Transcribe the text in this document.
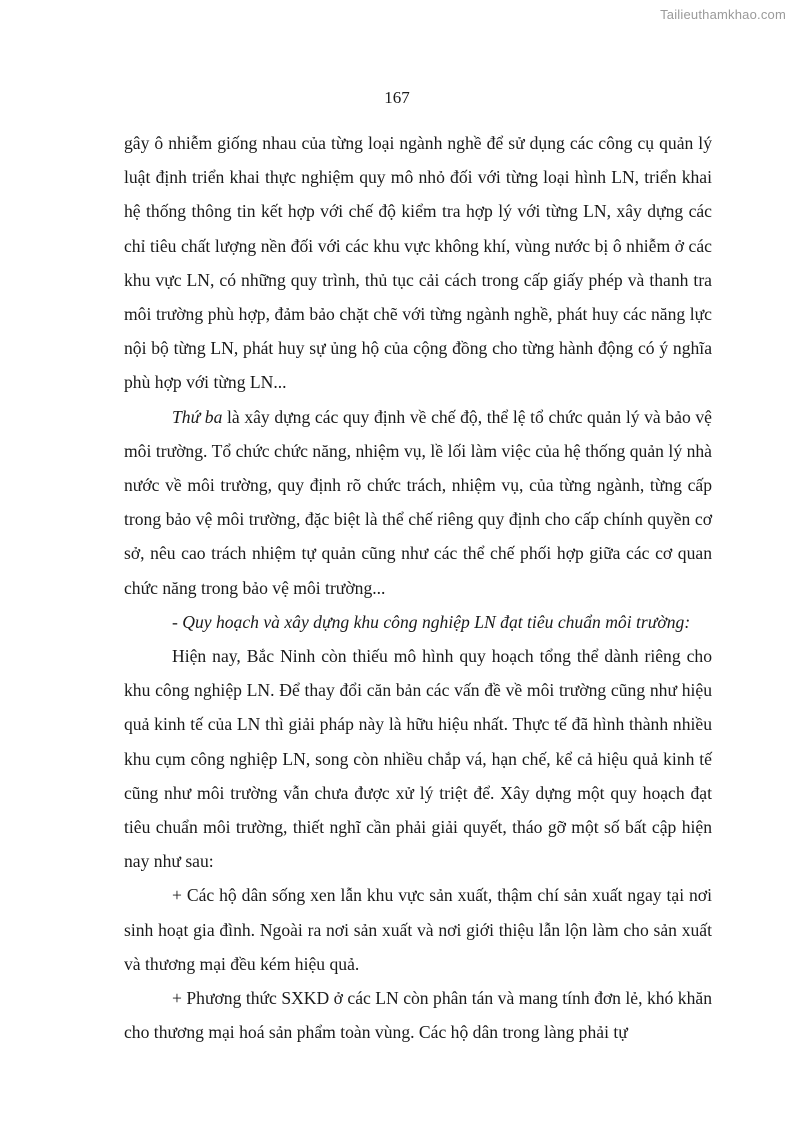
Tailieuthamkhao.com
167

gây ô nhiễm giống nhau của từng loại ngành nghề để sử dụng các công cụ quản lý luật định triển khai thực nghiệm quy mô nhỏ đối với từng loại hình LN, triển khai hệ thống thông tin kết hợp với chế độ kiểm tra hợp lý với từng LN, xây dựng các chỉ tiêu chất lượng nền đối với các khu vực không khí, vùng nước bị ô nhiễm ở các khu vực LN, có những quy trình, thủ tục cải cách trong cấp giấy phép và thanh tra môi trường phù hợp, đảm bảo chặt chẽ với từng ngành nghề, phát huy các năng lực nội bộ từng LN, phát huy sự ủng hộ của cộng đồng cho từng hành động có ý nghĩa phù hợp với từng LN...

Thứ ba là xây dựng các quy định về chế độ, thể lệ tổ chức quản lý và bảo vệ môi trường. Tổ chức chức năng, nhiệm vụ, lề lối làm việc của hệ thống quản lý nhà nước về môi trường, quy định rõ chức trách, nhiệm vụ, của từng ngành, từng cấp trong bảo vệ môi trường, đặc biệt là thể chế riêng quy định cho cấp chính quyền cơ sở, nêu cao trách nhiệm tự quản cũng như các thể chế phối hợp giữa các cơ quan chức năng trong bảo vệ môi trường...

- Quy hoạch và xây dựng khu công nghiệp LN đạt tiêu chuẩn môi trường:

Hiện nay, Bắc Ninh còn thiếu mô hình quy hoạch tổng thể dành riêng cho khu công nghiệp LN. Để thay đổi căn bản các vấn đề về môi trường cũng như hiệu quả kinh tế của LN thì giải pháp này là hữu hiệu nhất. Thực tế đã hình thành nhiều khu cụm công nghiệp LN, song còn nhiều chắp vá, hạn chế, kể cả hiệu quả kinh tế cũng như môi trường vẫn chưa được xử lý triệt để. Xây dựng một quy hoạch đạt tiêu chuẩn môi trường, thiết nghĩ cần phải giải quyết, tháo gỡ một số bất cập hiện nay như sau:

+ Các hộ dân sống xen lẫn khu vực sản xuất, thậm chí sản xuất ngay tại nơi sinh hoạt gia đình. Ngoài ra nơi sản xuất và nơi giới thiệu lẫn lộn làm cho sản xuất và thương mại đều kém hiệu quả.

+ Phương thức SXKD ở các LN còn phân tán và mang tính đơn lẻ, khó khăn cho thương mại hoá sản phẩm toàn vùng. Các hộ dân trong làng phải tự
